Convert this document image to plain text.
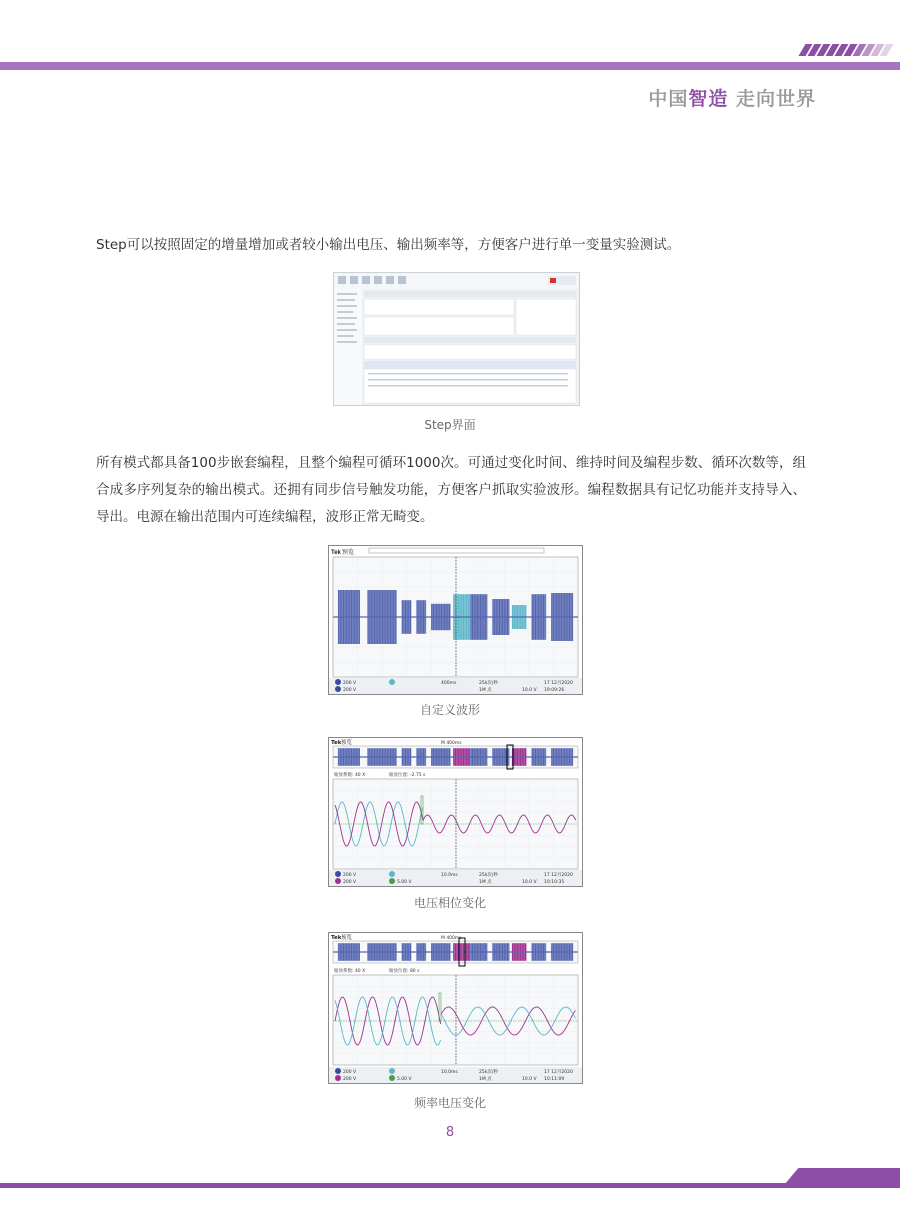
中国智造 走向世界
Step可以按照固定的增量增加或者较小输出电压、输出频率等，方便客户进行单一变量实验测试。
Step界面
所有模式都具备100步嵌套编程，且整个编程可循环1000次。可通过变化时间、维持时间及编程步数、循环次数等，组合成多序列复杂的输出模式。还拥有同步信号触发功能，方便客户抓取实验波形。编程数据具有记忆功能并支持导入、导出。电源在输出范围内可连续编程，波形正常无畸变。
Tek 预览
200 V
200 V
400ms	25k次/秒
1M 点	10.0 V
17 12月2020
19:09:26
自定义波形
Tek 预览	M 400ms
缩放系数: 40 X	缩放位置: -2.75 s
200 V
200 V	5.00 V
10.0ms	25k次/秒
1M 点	10.0 V
17 12月2020
10:10:35
电压相位变化
Tek 预览	M 400ms
缩放系数: 40 X	缩放位置: 80 s
200 V
200 V	5.00 V
10.0ms	25k次/秒
1M 点	10.0 V
17 12月2020
10:11:09
频率电压变化
8
